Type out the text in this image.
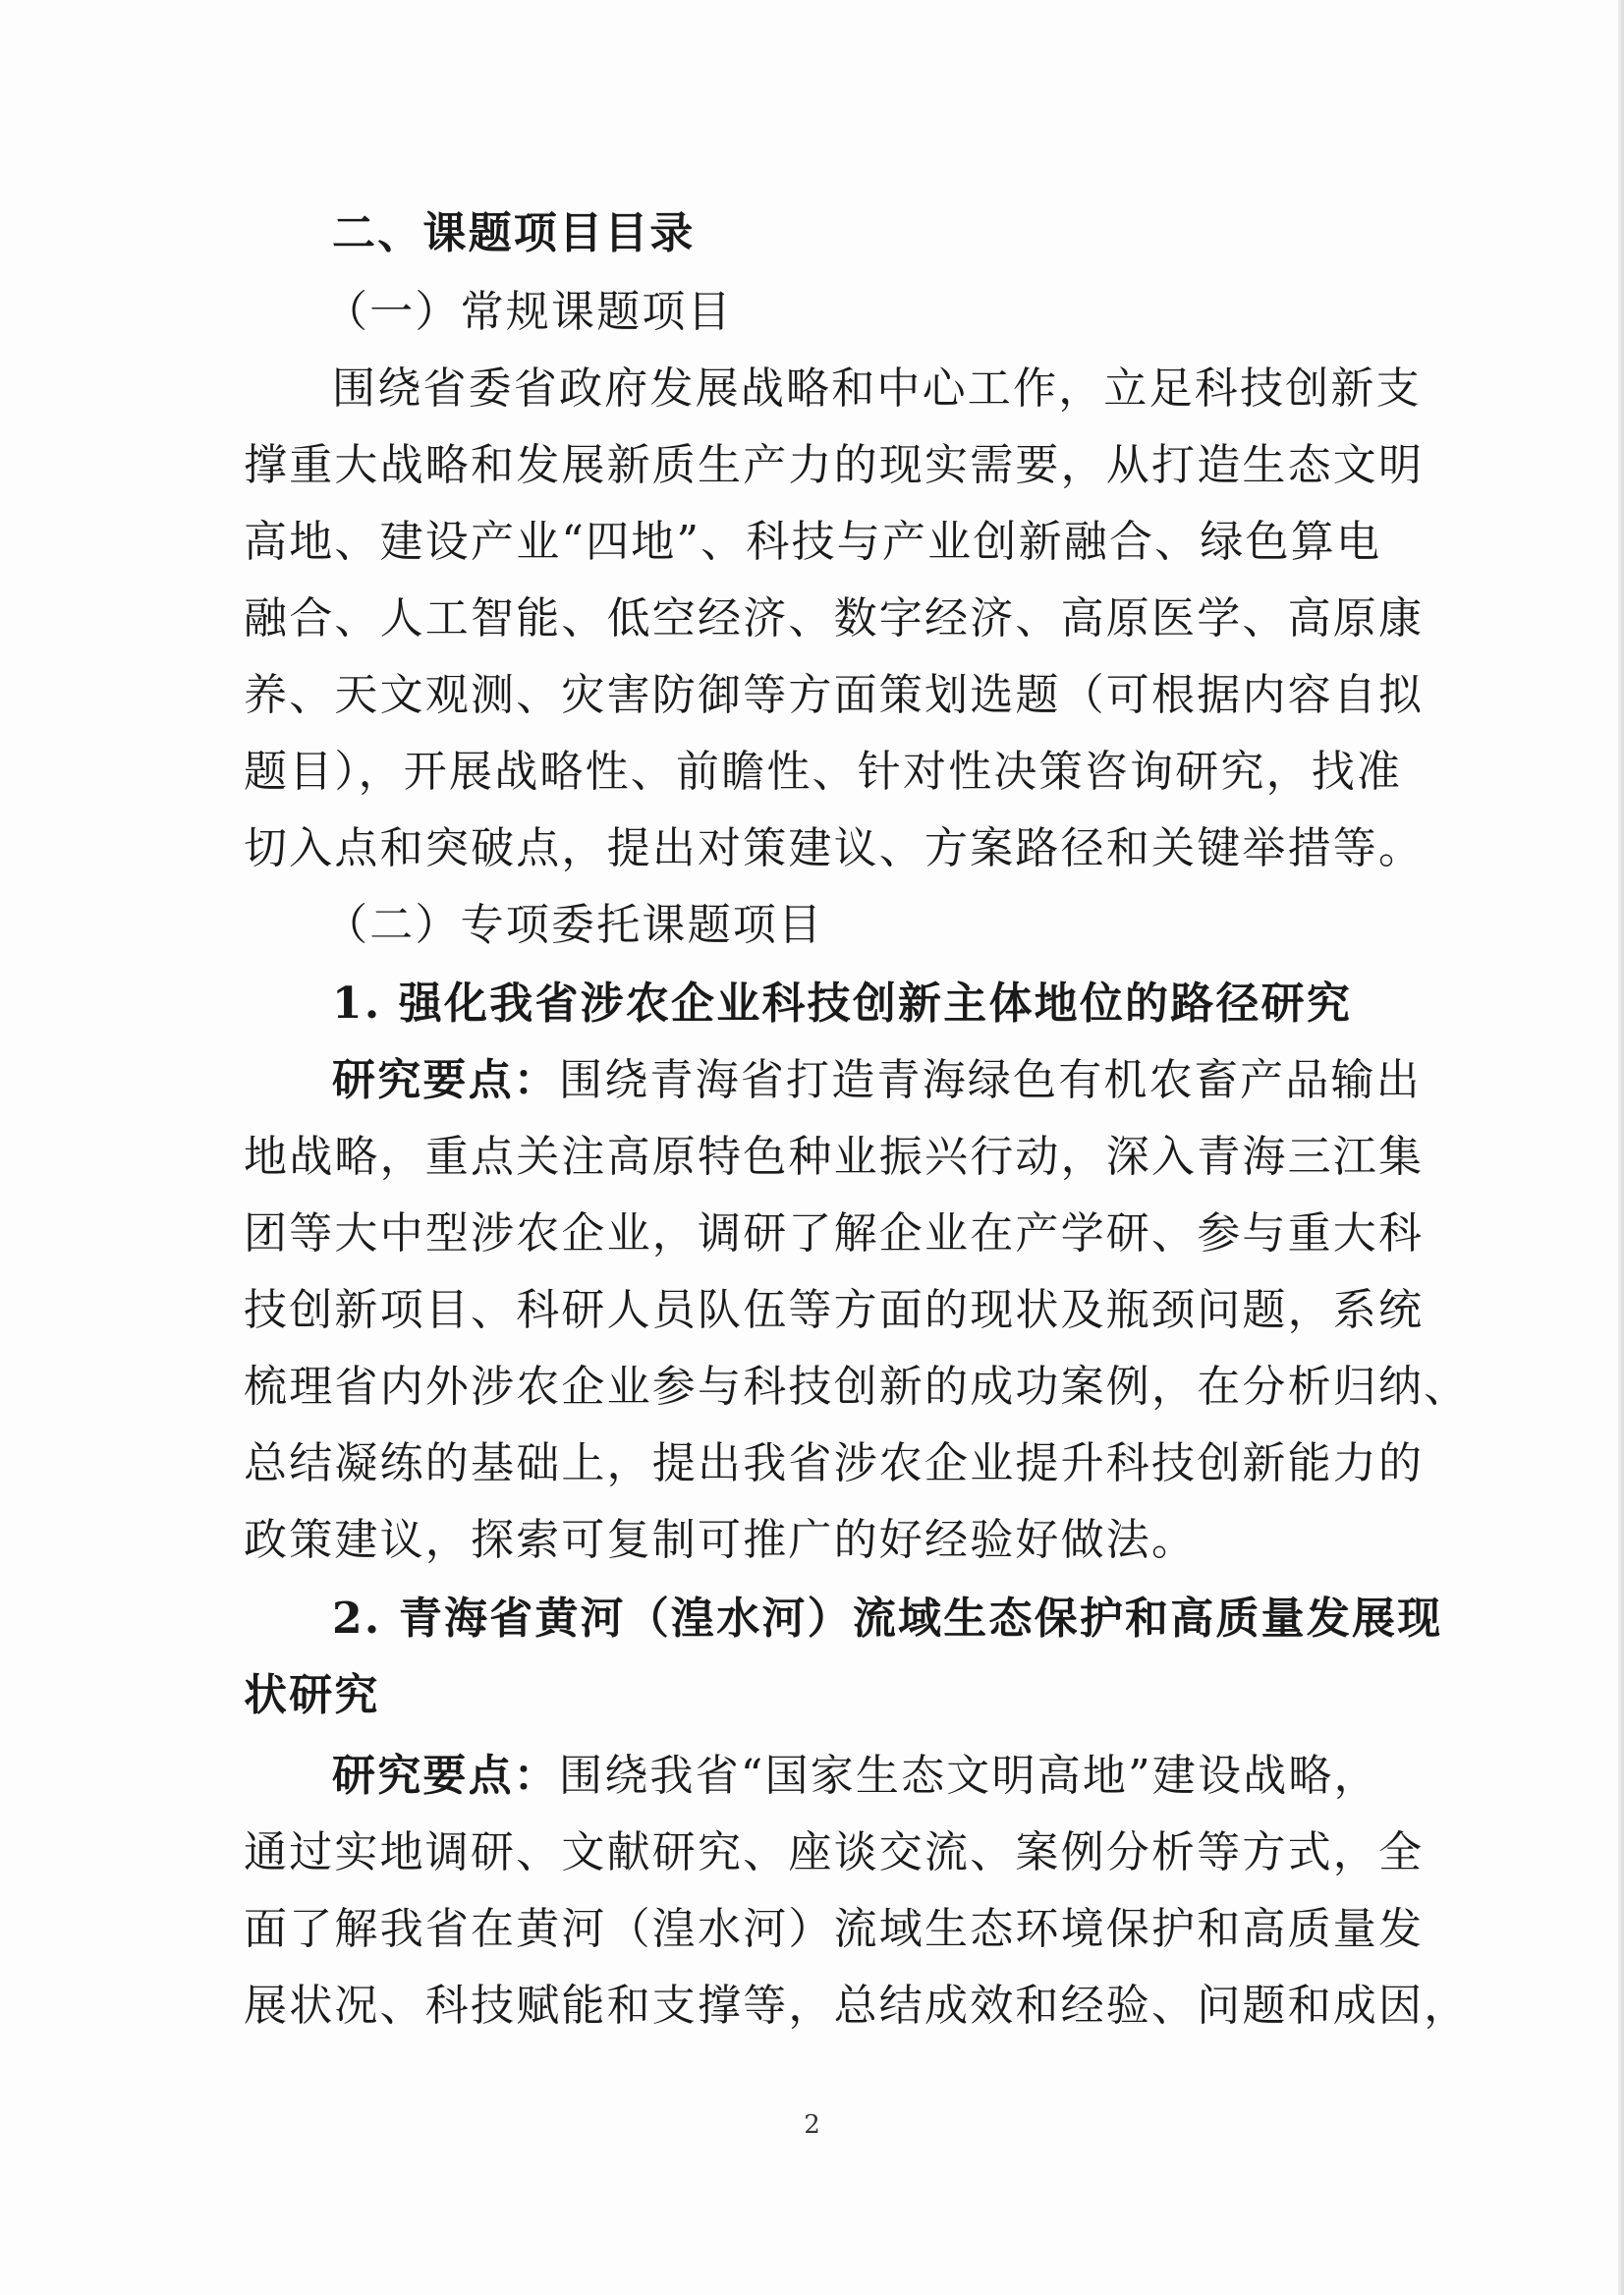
二、课题项目目录
（一）常规课题项目
围绕省委省政府发展战略和中心工作，立足科技创新支
撑重大战略和发展新质生产力的现实需要，从打造生态文明
高地、建设产业“四地”、科技与产业创新融合、绿色算电
融合、人工智能、低空经济、数字经济、高原医学、高原康
养、天文观测、灾害防御等方面策划选题（可根据内容自拟
题目），开展战略性、前瞻性、针对性决策咨询研究，找准
切入点和突破点，提出对策建议、方案路径和关键举措等。
（二）专项委托课题项目
1. 强化我省涉农企业科技创新主体地位的路径研究
研究要点：围绕青海省打造青海绿色有机农畜产品输出
地战略，重点关注高原特色种业振兴行动，深入青海三江集
团等大中型涉农企业，调研了解企业在产学研、参与重大科
技创新项目、科研人员队伍等方面的现状及瓶颈问题，系统
梳理省内外涉农企业参与科技创新的成功案例，在分析归纳、
总结凝练的基础上，提出我省涉农企业提升科技创新能力的
政策建议，探索可复制可推广的好经验好做法。
2. 青海省黄河（湟水河）流域生态保护和高质量发展现
状研究
研究要点：围绕我省“国家生态文明高地”建设战略，
通过实地调研、文献研究、座谈交流、案例分析等方式，全
面了解我省在黄河（湟水河）流域生态环境保护和高质量发
展状况、科技赋能和支撑等，总结成效和经验、问题和成因，
2
